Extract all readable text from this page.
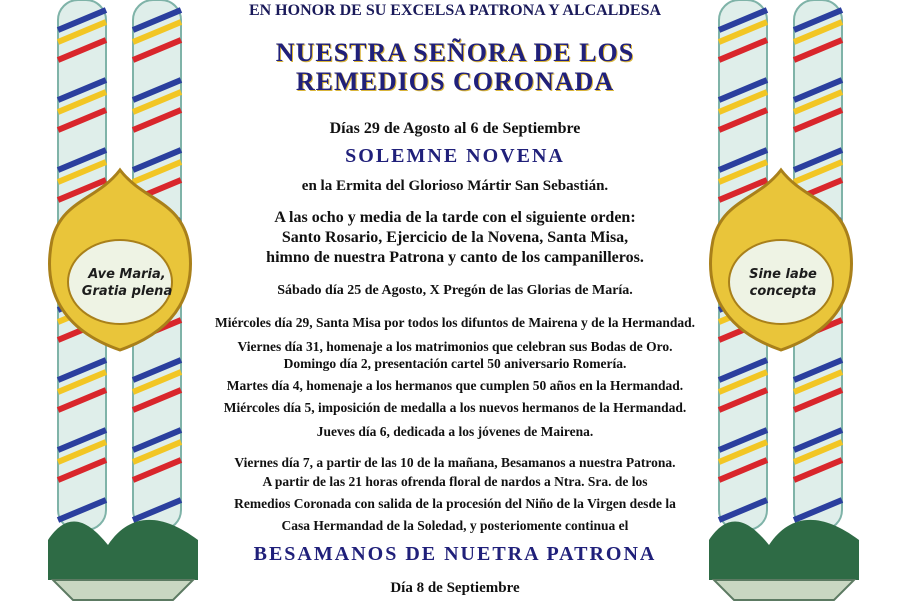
Ave Maria,
Gratia plena
Sine labe
concepta
EN HONOR DE SU EXCELSA PATRONA Y ALCALDESA
NUESTRA SEÑORA DE LOS
REMEDIOS CORONADA
Días 29 de Agosto al 6 de Septiembre
SOLEMNE NOVENA
en la Ermita del Glorioso Mártir San Sebastián.
A las ocho y media de la tarde con el siguiente orden:
Santo Rosario, Ejercicio de la Novena, Santa Misa,
himno de nuestra Patrona y canto de los campanilleros.
Sábado día 25 de Agosto, X Pregón de las Glorias de María.
Miércoles día 29, Santa Misa por todos los difuntos de Mairena y de la Hermandad.
Viernes día 31, homenaje a los matrimonios que celebran sus Bodas de Oro.
Domingo día 2, presentación cartel 50 aniversario Romería.
Martes día 4, homenaje a los hermanos que cumplen 50 años en la Hermandad.
Miércoles día 5, imposición de medalla a los nuevos hermanos de la Hermandad.
Jueves día 6, dedicada a los jóvenes de Mairena.
Viernes día 7, a partir de las 10 de la mañana, Besamanos a nuestra Patrona.
A partir de las 21 horas ofrenda floral de nardos a Ntra. Sra. de los
Remedios Coronada con salida de la procesión del Niño de la Virgen desde la
Casa Hermandad de la Soledad, y posteriomente continua el
BESAMANOS DE NUETRA PATRONA
Día 8 de Septiembre
